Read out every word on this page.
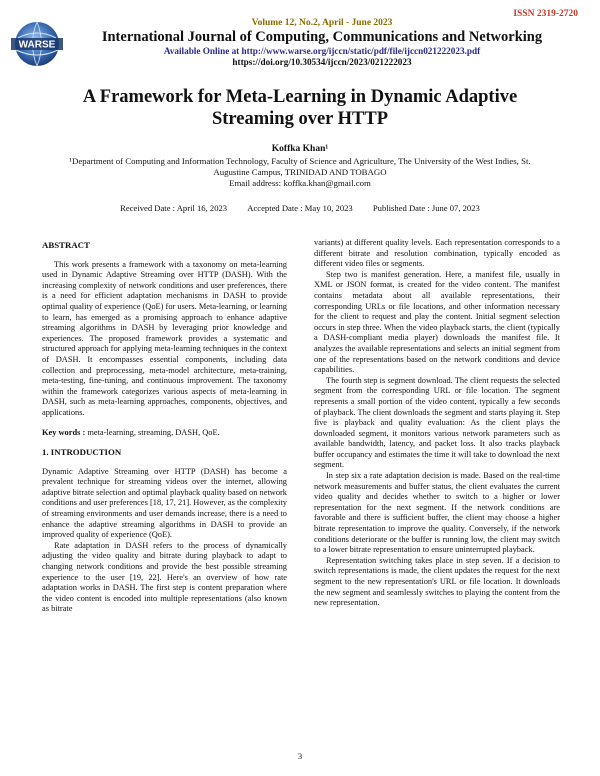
ISSN 2319-2720
WARSE
Volume 12, No.2, April - June 2023
International Journal of Computing, Communications and Networking
Available Online at http://www.warse.org/ijccn/static/pdf/file/ijccn021222023.pdf
https://doi.org/10.30534/ijccn/2023/021222023
A Framework for Meta-Learning in Dynamic Adaptive Streaming over HTTP
Koffka Khan¹
¹Department of Computing and Information Technology, Faculty of Science and Agriculture, The University of the West Indies, St. Augustine Campus, TRINIDAD AND TOBAGO
Email address: koffka.khan@gmail.com
Received Date : April 16, 2023 Accepted Date : May 10, 2023 Published Date : June 07, 2023
ABSTRACT

This work presents a framework with a taxonomy on meta-learning used in Dynamic Adaptive Streaming over HTTP (DASH). With the increasing complexity of network conditions and user preferences, there is a need for efficient adaptation mechanisms in DASH to provide optimal quality of experience (QoE) for users. Meta-learning, or learning to learn, has emerged as a promising approach to enhance adaptive streaming algorithms in DASH by leveraging prior knowledge and experiences. The proposed framework provides a systematic and structured approach for applying meta-learning techniques in the context of DASH. It encompasses essential components, including data collection and preprocessing, meta-model architecture, meta-training, meta-testing, fine-tuning, and continuous improvement. The taxonomy within the framework categorizes various aspects of meta-learning in DASH, such as meta-learning approaches, components, objectives, and applications.

Key words : meta-learning, streaming, DASH, QoE.

1. INTRODUCTION

Dynamic Adaptive Streaming over HTTP (DASH) has become a prevalent technique for streaming videos over the internet, allowing adaptive bitrate selection and optimal playback quality based on network conditions and user preferences [18, 17, 21]. However, as the complexity of streaming environments and user demands increase, there is a need to enhance the adaptive streaming algorithms in DASH to provide an improved quality of experience (QoE).

Rate adaptation in DASH refers to the process of dynamically adjusting the video quality and bitrate during playback to adapt to changing network conditions and provide the best possible streaming experience to the user [19, 22]. Here's an overview of how rate adaptation works in DASH. The first step is content preparation where the video content is encoded into multiple representations (also known as bitrate

variants) at different quality levels. Each representation corresponds to a different bitrate and resolution combination, typically encoded as different video files or segments.

Step two is manifest generation. Here, a manifest file, usually in XML or JSON format, is created for the video content. The manifest contains metadata about all available representations, their corresponding URLs or file locations, and other information necessary for the client to request and play the content. Initial segment selection occurs in step three. When the video playback starts, the client (typically a DASH-compliant media player) downloads the manifest file. It analyzes the available representations and selects an initial segment from one of the representations based on the network conditions and device capabilities.

The fourth step is segment download. The client requests the selected segment from the corresponding URL or file location. The segment represents a small portion of the video content, typically a few seconds of playback. The client downloads the segment and starts playing it. Step five is playback and quality evaluation: As the client plays the downloaded segment, it monitors various network parameters such as available bandwidth, latency, and packet loss. It also tracks playback buffer occupancy and estimates the time it will take to download the next segment.

In step six a rate adaptation decision is made. Based on the real-time network measurements and buffer status, the client evaluates the current video quality and decides whether to switch to a higher or lower representation for the next segment. If the network conditions are favorable and there is sufficient buffer, the client may choose a higher bitrate representation to improve the quality. Conversely, if the network conditions deteriorate or the buffer is running low, the client may switch to a lower bitrate representation to ensure uninterrupted playback.

Representation switching takes place in step seven. If a decision to switch representations is made, the client updates the request for the next segment to the new representation's URL or file location. It downloads the new segment and seamlessly switches to playing the content from the new representation.

3
